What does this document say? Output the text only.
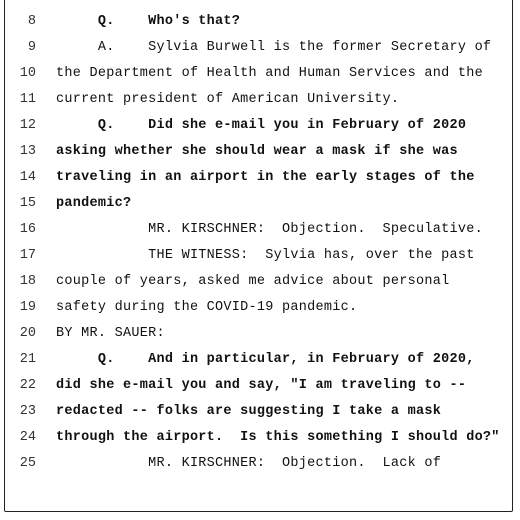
8 Q.    Who's that?
9 A.    Sylvia Burwell is the former Secretary of
10 the Department of Health and Human Services and the
11 current president of American University.
12 Q.    Did she e-mail you in February of 2020
13 asking whether she should wear a mask if she was
14 traveling in an airport in the early stages of the
15 pandemic?
16 MR. KIRSCHNER:  Objection.  Speculative.
17 THE WITNESS:  Sylvia has, over the past
18 couple of years, asked me advice about personal
19 safety during the COVID-19 pandemic.
20 BY MR. SAUER:
21 Q.    And in particular, in February of 2020,
22 did she e-mail you and say, "I am traveling to --
23 redacted -- folks are suggesting I take a mask
24 through the airport.  Is this something I should do?"
25 MR. KIRSCHNER:  Objection.  Lack of
